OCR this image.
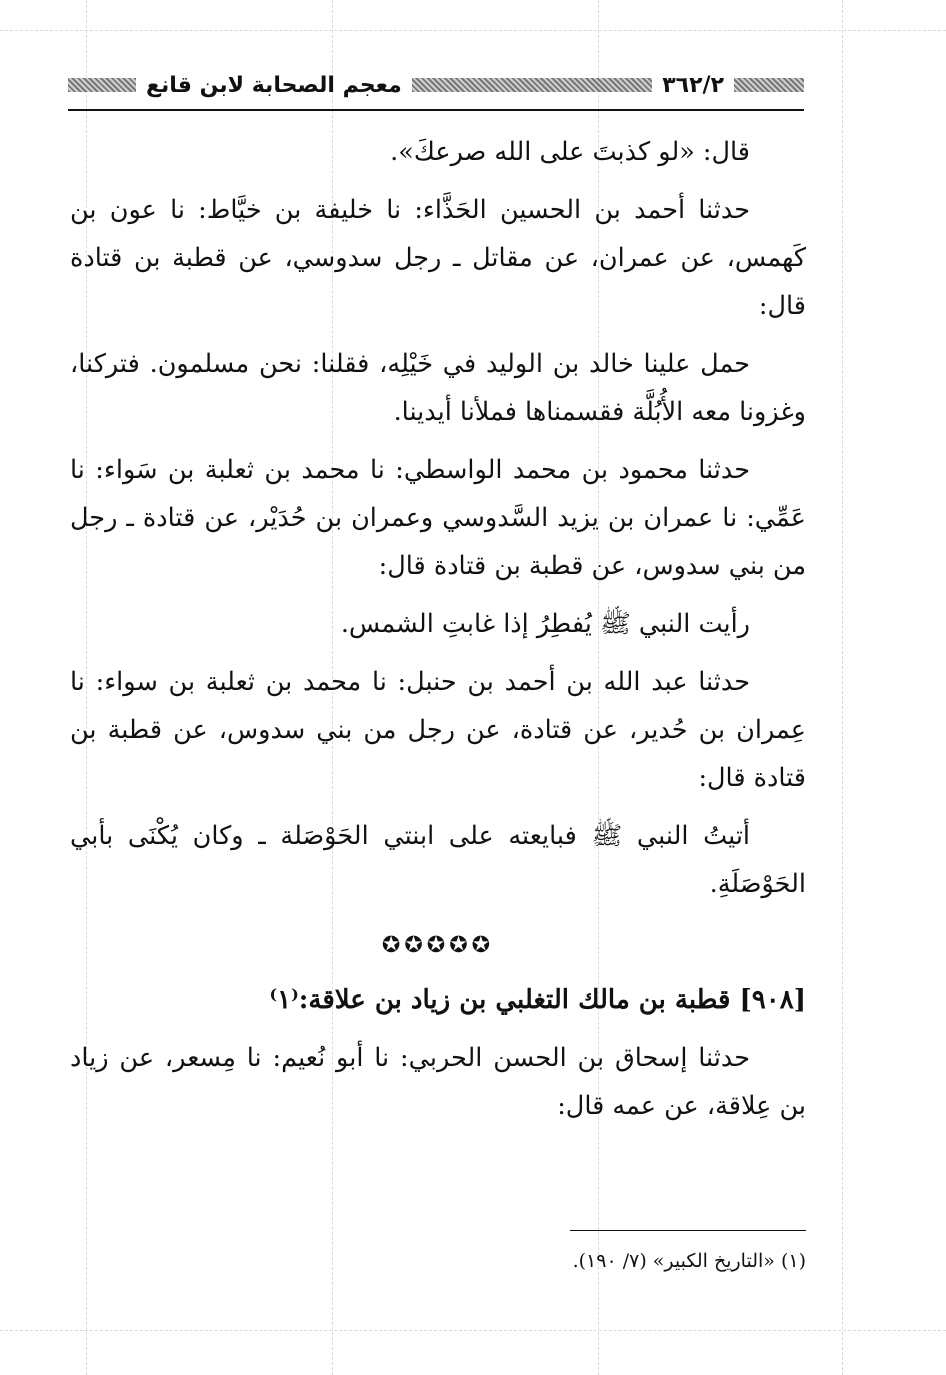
٣٦٢/٢
معجم الصحابة لابن قانع

قال: «لو كذبتَ على الله صرعكَ».

حدثنا أحمد بن الحسين الحَذَّاء: نا خليفة بن خيَّاط: نا عون بن كَهمس، عن عمران، عن مقاتل ـ رجل سدوسي، عن قطبة بن قتادة قال:

حمل علينا خالد بن الوليد في خَيْلِه، فقلنا: نحن مسلمون. فتركنا، وغزونا معه الأُبُلَّة فقسمناها فملأنا أيدينا.

حدثنا محمود بن محمد الواسطي: نا محمد بن ثعلبة بن سَواء: نا عَمِّي: نا عمران بن يزيد السَّدوسي وعمران بن حُدَيْر، عن قتادة ـ رجل من بني سدوس، عن قطبة بن قتادة قال:

رأيت النبي ﷺ يُفطِرُ إذا غابتِ الشمس.

حدثنا عبد الله بن أحمد بن حنبل: نا محمد بن ثعلبة بن سواء: نا عِمران بن حُدير، عن قتادة، عن رجل من بني سدوس، عن قطبة بن قتادة قال:

أتيتُ النبي ﷺ فبايعته على ابنتي الحَوْصَلة ـ وكان يُكْنَى بأبي الحَوْصَلَةِ.

✪✪✪✪✪

[٩٠٨] قطبة بن مالك التغلبي بن زياد بن علاقة:⁽١⁾

حدثنا إسحاق بن الحسن الحربي: نا أبو نُعيم: نا مِسعر، عن زياد بن عِلاقة، عن عمه قال:

(١) «التاريخ الكبير» (٧/ ١٩٠).
